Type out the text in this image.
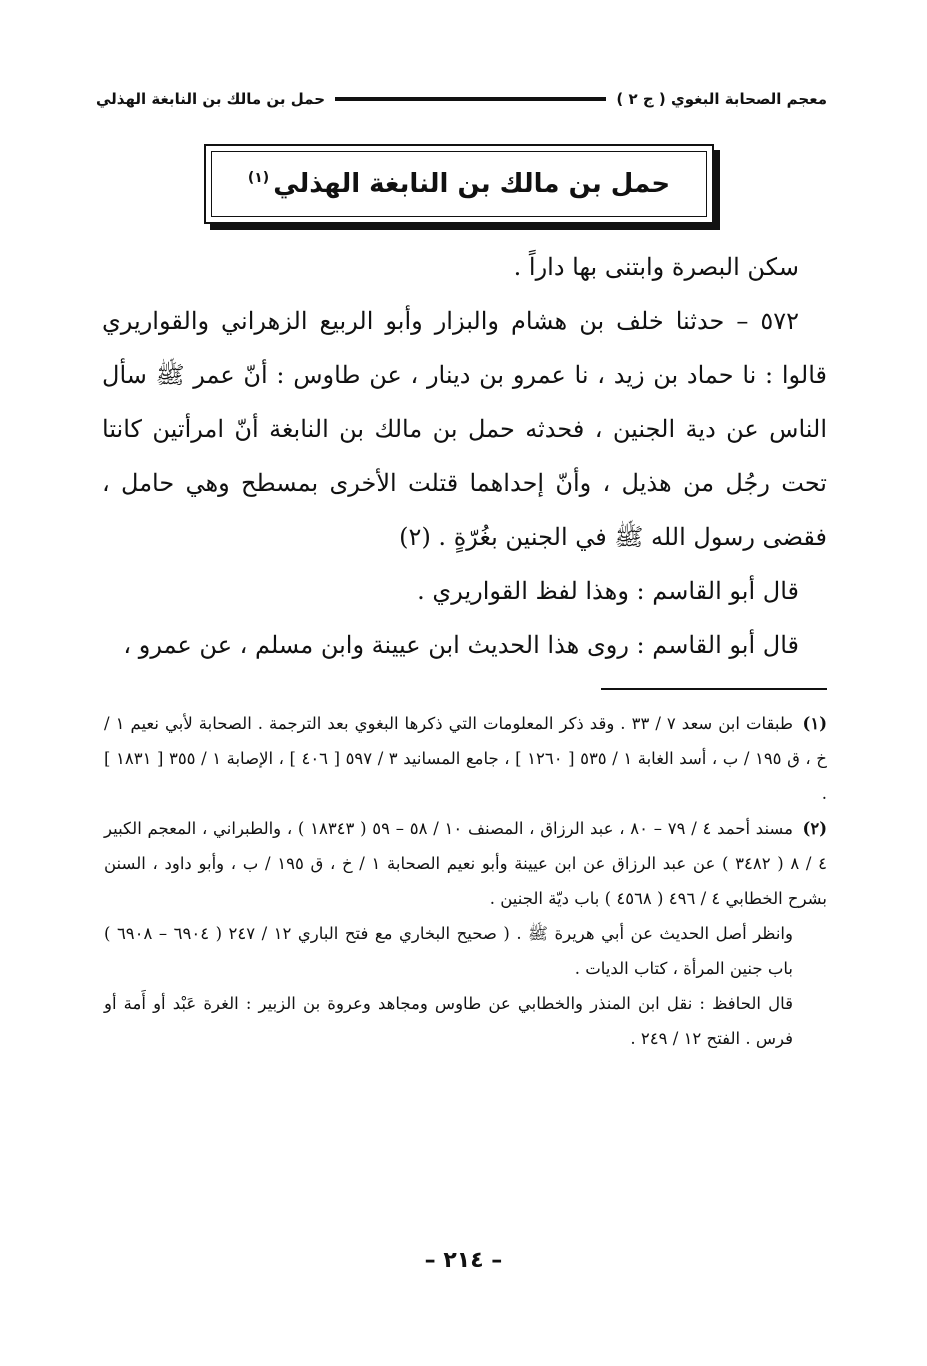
معجم الصحابة البغوي ( ج ٢ )
حمل بن مالك بن النابغة الهذلي
حمل بن مالك بن النابغة الهذلي$^{(١)}$

سكن البصرة وابتنى بها داراً .

٥٧٢ – حدثنا خلف بن هشام والبزار وأبو الربيع الزهراني والقواريري قالوا : نا حماد بن زيد ، نا عمرو بن دينار ، عن طاوس : أنّ عمر ﷺ سأل الناس عن دية الجنين ، فحدثه حمل بن مالك بن النابغة أنّ امرأتين كانتا تحت رجُل من هذيل ، وأنّ إحداهما قتلت الأخرى بمسطح وهي حامل ، فقضى رسول الله ﷺ في الجنين بغُرّةٍ . (٢)

قال أبو القاسم : وهذا لفظ القواريري .

قال أبو القاسم : روى هذا الحديث ابن عيينة وابن مسلم ، عن عمرو ،

(١)طبقات ابن سعد ٧ / ٣٣ . وقد ذكر المعلومات التي ذكرها البغوي بعد الترجمة . الصحابة لأبي نعيم ١ / خ ، ق ١٩٥ / ب ، أسد الغابة ١ / ٥٣٥ [ ١٢٦٠ ] ، جامع المسانيد ٣ / ٥٩٧ [ ٤٠٦ ] ، الإصابة ١ / ٣٥٥ [ ١٨٣١ ] .

(٢)مسند أحمد ٤ / ٧٩ – ٨٠ ، عبد الرزاق ، المصنف ١٠ / ٥٨ – ٥٩ ( ١٨٣٤٣ ) ، والطبراني ، المعجم الكبير ٤ / ٨ ( ٣٤٨٢ ) عن عبد الرزاق عن ابن عيينة وأبو نعيم الصحابة ١ / خ ، ق ١٩٥ / ب ، وأبو داود ، السنن بشرح الخطابي ٤ / ٤٩٦ ( ٤٥٦٨ ) باب ديّة الجنين .

وانظر أصل الحديث عن أبي هريرة ﷺ . ( صحيح البخاري مع فتح الباري ١٢ / ٢٤٧ ( ٦٩٠٤ – ٦٩٠٨ ) باب جنين المرأة ، كتاب الديات .

قال الحافظ : نقل ابن المنذر والخطابي عن طاوس ومجاهد وعروة بن الزبير : الغرة عَبْد أو أَمة أو فرس . الفتح ١٢ / ٢٤٩ .

– ٢١٤ –
